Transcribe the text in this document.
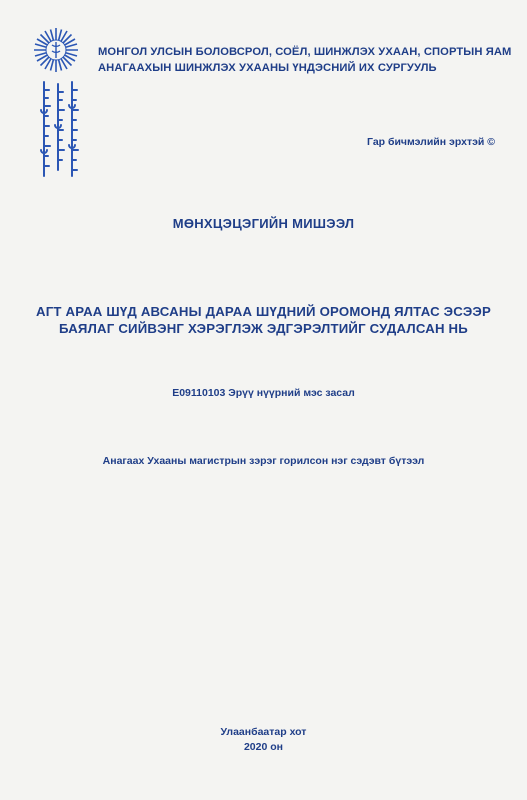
МОНГОЛ УЛСЫН БОЛОВСРОЛ, СОЁЛ, ШИНЖЛЭХ УХААН, СПОРТЫН ЯАМ
АНАГААХЫН ШИНЖЛЭХ УХААНЫ ҮНДЭСНИЙ ИХ СУРГУУЛЬ
Гар бичмэлийн эрхтэй ©
МӨНХЦЭЦЭГИЙН МИШЭЭЛ
АГТ АРАА ШҮД АВСАНЫ ДАРАА ШҮДНИЙ ОРОМОНД ЯЛТАС ЭСЭЭР
БАЯЛАГ СИЙВЭНГ ХЭРЭГЛЭЖ ЭДГЭРЭЛТИЙГ СУДАЛСАН НЬ
E09110103 Эрүү нүүрний мэс засал
Анагаах Ухааны магистрын зэрэг горилсон нэг сэдэвт бүтээл
Улаанбаатар хот
2020 он
